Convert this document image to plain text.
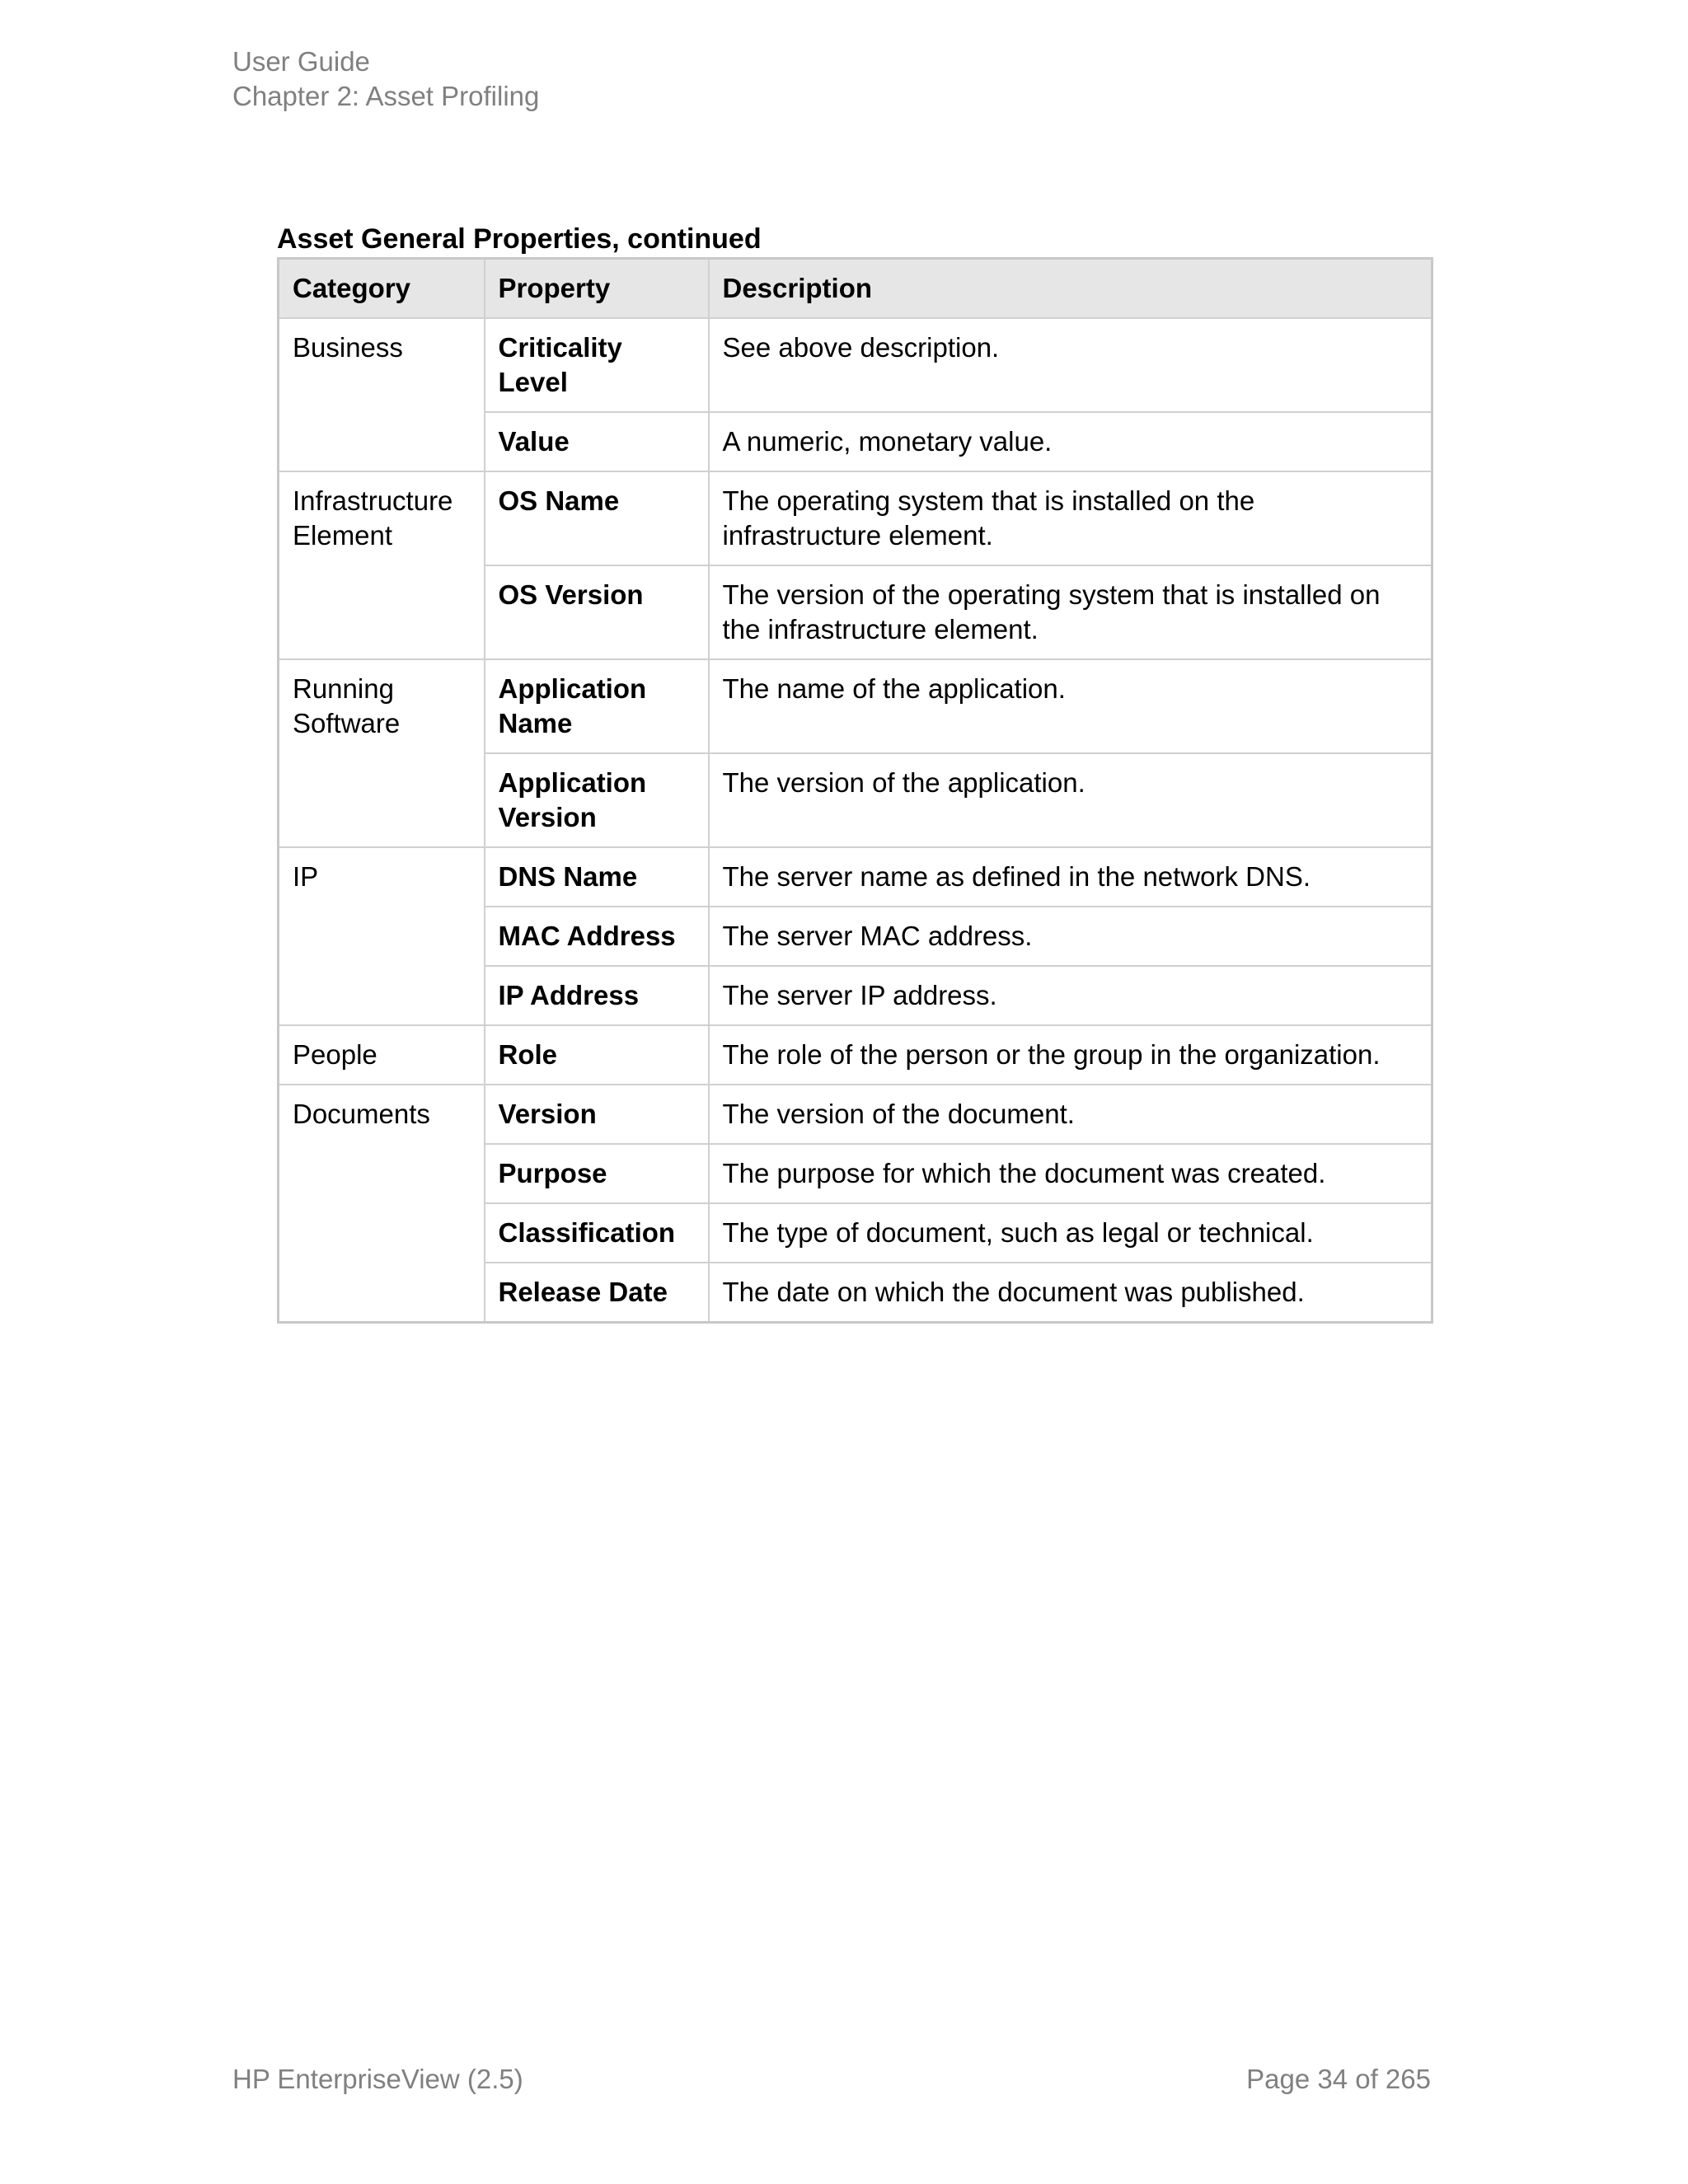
User Guide
Chapter 2: Asset Profiling
Asset General Properties, continued
Category	Property	Description
Business	Criticality Level	See above description.
	Value	A numeric, monetary value.
Infrastructure Element	OS Name	The operating system that is installed on the infrastructure element.
	OS Version	The version of the operating system that is installed on the infrastructure element.
Running Software	Application Name	The name of the application.
	Application Version	The version of the application.
IP	DNS Name	The server name as defined in the network DNS.
	MAC Address	The server MAC address.
	IP Address	The server IP address.
People	Role	The role of the person or the group in the organization.
Documents	Version	The version of the document.
	Purpose	The purpose for which the document was created.
	Classification	The type of document, such as legal or technical.
	Release Date	The date on which the document was published.
HP EnterpriseView (2.5)	Page 34 of 265
